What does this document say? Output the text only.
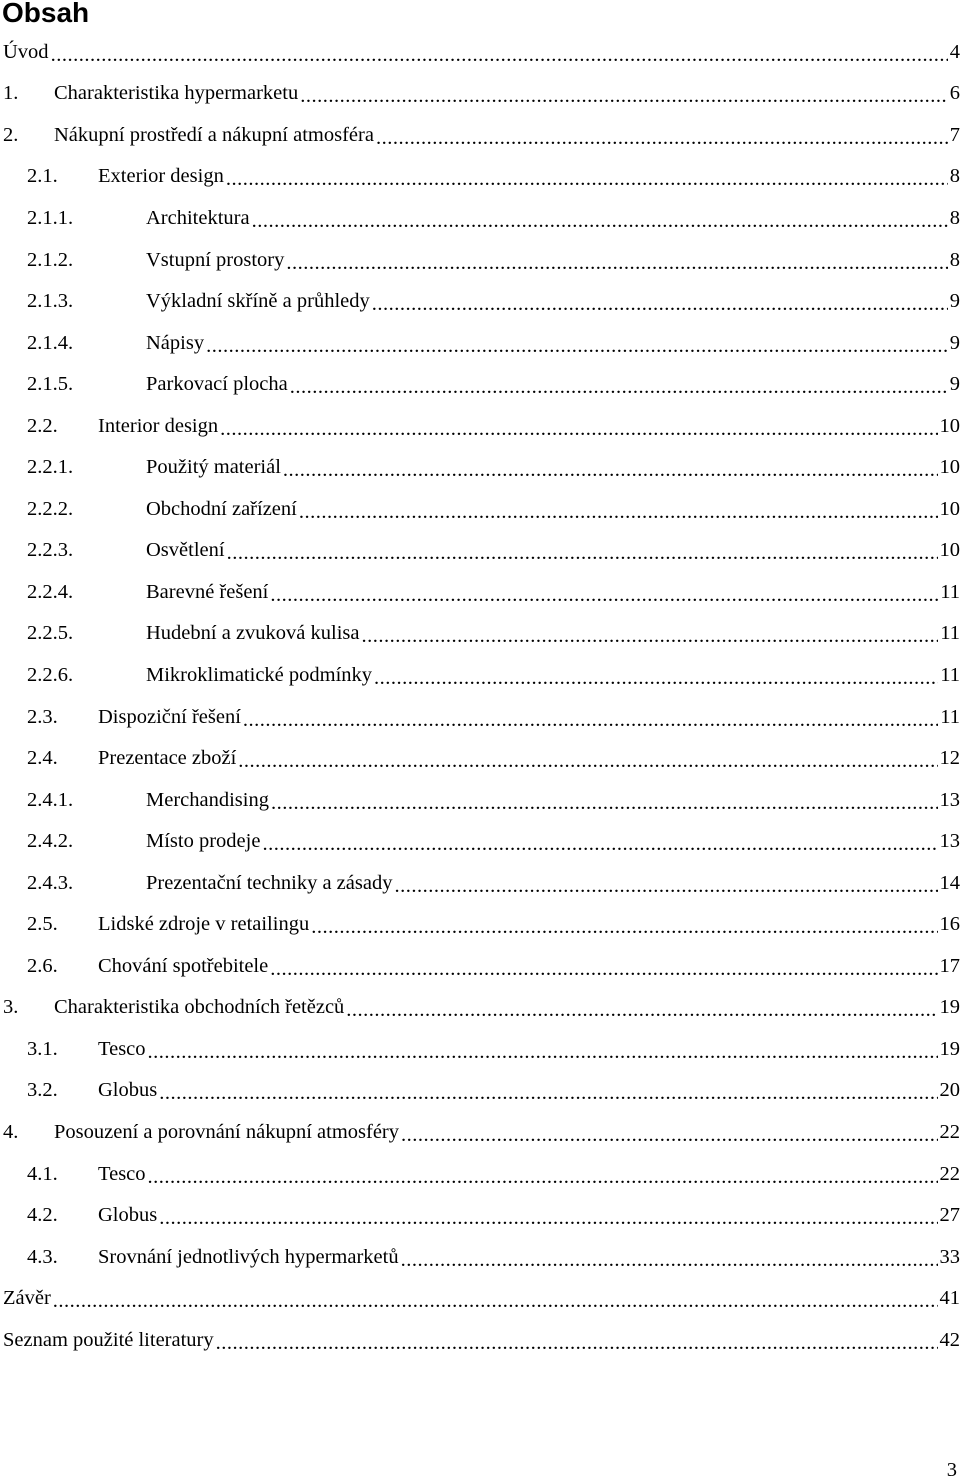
Obsah
Úvod .....	4
1.	Charakteristika hypermarketu .....	6
2.	Nákupní prostředí a nákupní atmosféra .....	7
2.1.	Exterior design .....	8
2.1.1.	Architektura .....	8
2.1.2.	Vstupní prostory .....	8
2.1.3.	Výkladní skříně a průhledy .....	9
2.1.4.	Nápisy .....	9
2.1.5.	Parkovací plocha .....	9
2.2.	Interior design .....	10
2.2.1.	Použitý materiál .....	10
2.2.2.	Obchodní zařízení .....	10
2.2.3.	Osvětlení .....	10
2.2.4.	Barevné řešení .....	11
2.2.5.	Hudební a zvuková kulisa .....	11
2.2.6.	Mikroklimatické podmínky .....	11
2.3.	Dispoziční řešení .....	11
2.4.	Prezentace zboží .....	12
2.4.1.	Merchandising .....	13
2.4.2.	Místo prodeje .....	13
2.4.3.	Prezentační techniky a zásady .....	14
2.5.	Lidské zdroje v retailingu .....	16
2.6.	Chování spotřebitele .....	17
3.	Charakteristika obchodních řetězců .....	19
3.1.	Tesco .....	19
3.2.	Globus .....	20
4.	Posouzení a porovnání nákupní atmosféry .....	22
4.1.	Tesco .....	22
4.2.	Globus .....	27
4.3.	Srovnání jednotlivých hypermarketů .....	33
Závěr .....	41
Seznam použité literatury .....	42
3
